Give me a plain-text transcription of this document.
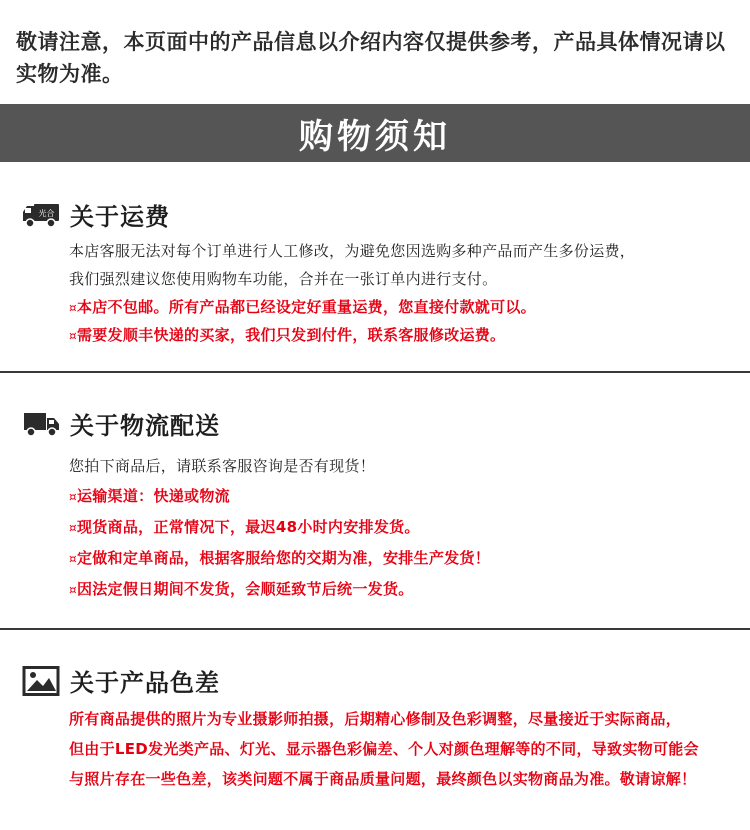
敬请注意，本页面中的产品信息以介绍内容仅提供参考，产品具体情况请以实物为准。
购物须知
光合 关于运费
本店客服无法对每个订单进行人工修改，为避免您因选购多种产品而产生多份运费，
我们强烈建议您使用购物车功能，合并在一张订单内进行支付。
¤本店不包邮。所有产品都已经设定好重量运费，您直接付款就可以。
¤需要发顺丰快递的买家，我们只发到付件，联系客服修改运费。
关于物流配送
您拍下商品后，请联系客服咨询是否有现货！
¤运输渠道：快递或物流
¤现货商品，正常情况下，最迟48小时内安排发货。
¤定做和定单商品，根据客服给您的交期为准，安排生产发货！
¤因法定假日期间不发货，会顺延致节后统一发货。
关于产品色差
所有商品提供的照片为专业摄影师拍摄，后期精心修制及色彩调整，尽量接近于实际商品，
但由于LED发光类产品、灯光、显示器色彩偏差、个人对颜色理解等的不同，导致实物可能会
与照片存在一些色差，该类问题不属于商品质量问题，最终颜色以实物商品为准。敬请谅解！
